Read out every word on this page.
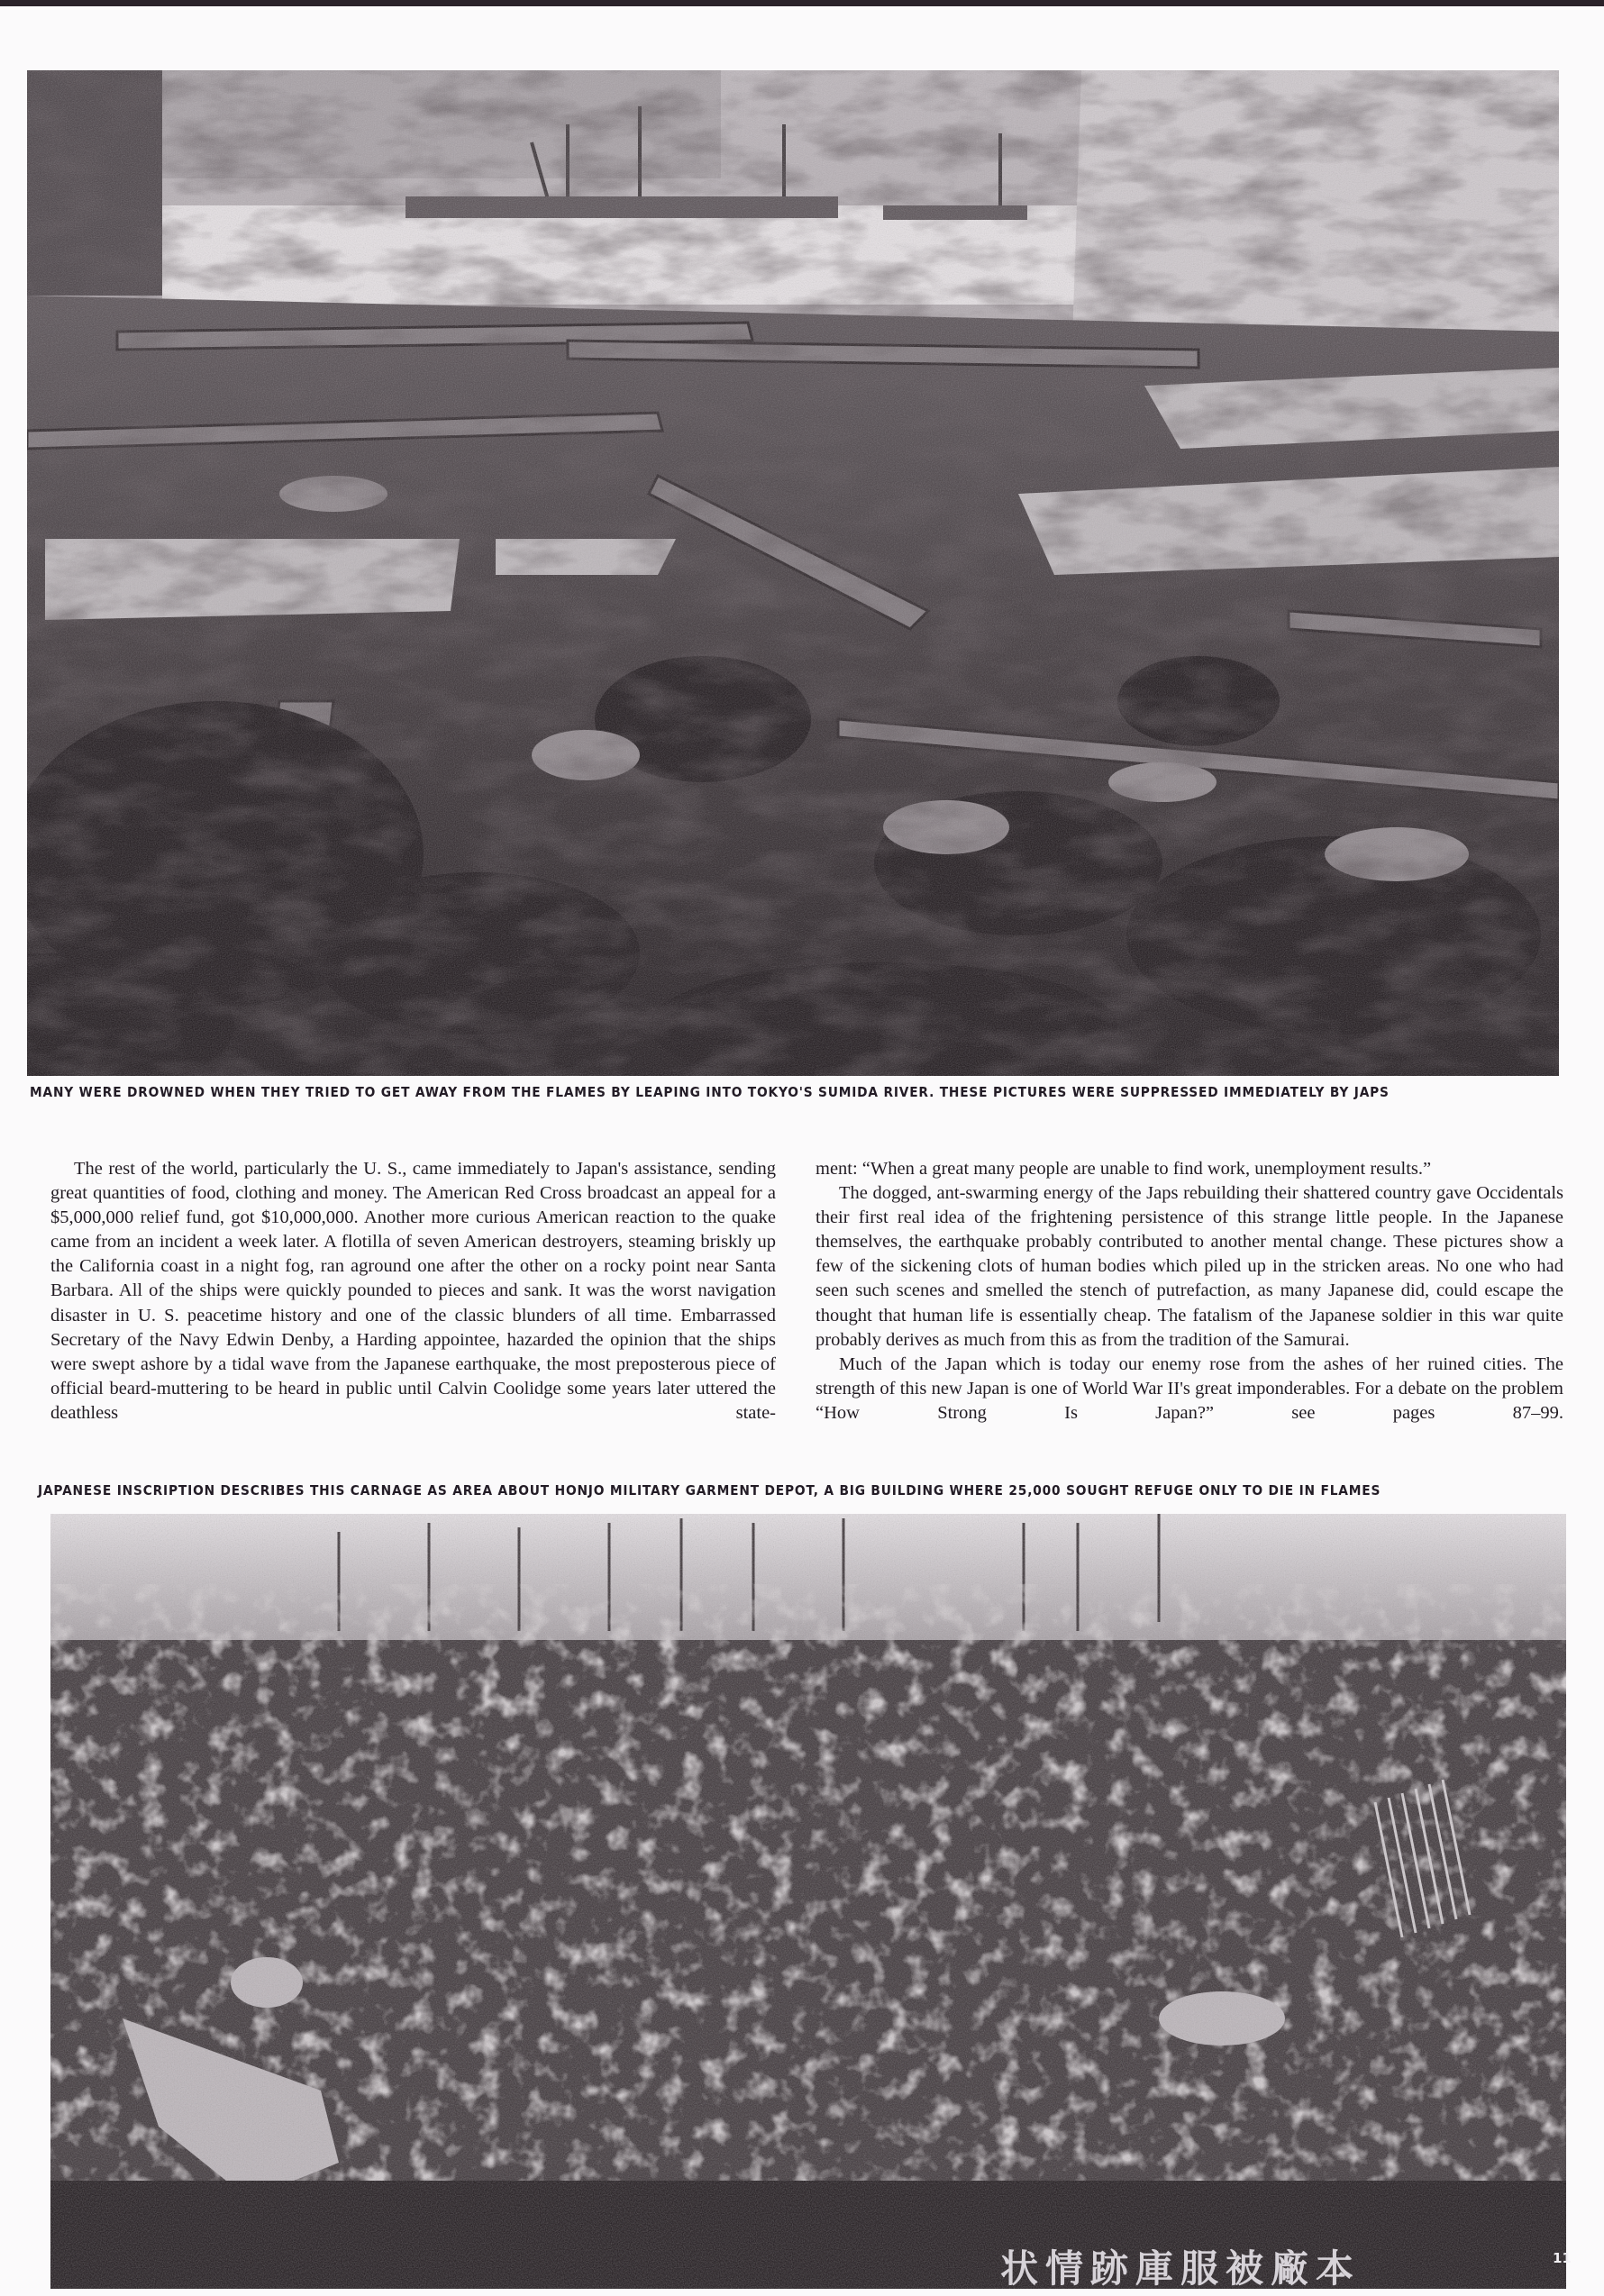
MANY WERE DROWNED WHEN THEY TRIED TO GET AWAY FROM THE FLAMES BY LEAPING INTO TOKYO'S SUMIDA RIVER. THESE PICTURES WERE SUPPRESSED IMMEDIATELY BY JAPS

The rest of the world, particularly the U. S., came immediately to Japan's assistance, sending great quantities of food, clothing and money. The American Red Cross broadcast an appeal for a $5,000,000 relief fund, got $10,000,000. Another more curious American reaction to the quake came from an incident a week later. A flotilla of seven American destroyers, steaming briskly up the California coast in a night fog, ran aground one after the other on a rocky point near Santa Barbara. All of the ships were quickly pounded to pieces and sank. It was the worst navigation disaster in U. S. peacetime history and one of the classic blunders of all time. Embarrassed Secretary of the Navy Edwin Denby, a Harding appointee, hazarded the opinion that the ships were swept ashore by a tidal wave from the Japanese earthquake, the most preposterous piece of official beard-muttering to be heard in public until Calvin Coolidge some years later uttered the deathless state-

ment: “When a great many people are unable to find work, unemployment results.”

The dogged, ant-swarming energy of the Japs rebuilding their shattered country gave Occidentals their first real idea of the frightening persistence of this strange little people. In the Japanese themselves, the earthquake probably contributed to another mental change. These pictures show a few of the sickening clots of human bodies which piled up in the stricken areas. No one who had seen such scenes and smelled the stench of putrefaction, as many Japanese did, could escape the thought that human life is essentially cheap. The fatalism of the Japanese soldier in this war quite probably derives as much from this as from the tradition of the Samurai.

Much of the Japan which is today our enemy rose from the ashes of her ruined cities. The strength of this new Japan is one of World War II's great imponderables. For a debate on the problem “How Strong Is Japan?” see pages 87–99.

JAPANESE INSCRIPTION DESCRIBES THIS CARNAGE AS AREA ABOUT HONJO MILITARY GARMENT DEPOT, A BIG BUILDING WHERE 25,000 SOUGHT REFUGE ONLY TO DIE IN FLAMES
状情跡庫服被廠本	11
